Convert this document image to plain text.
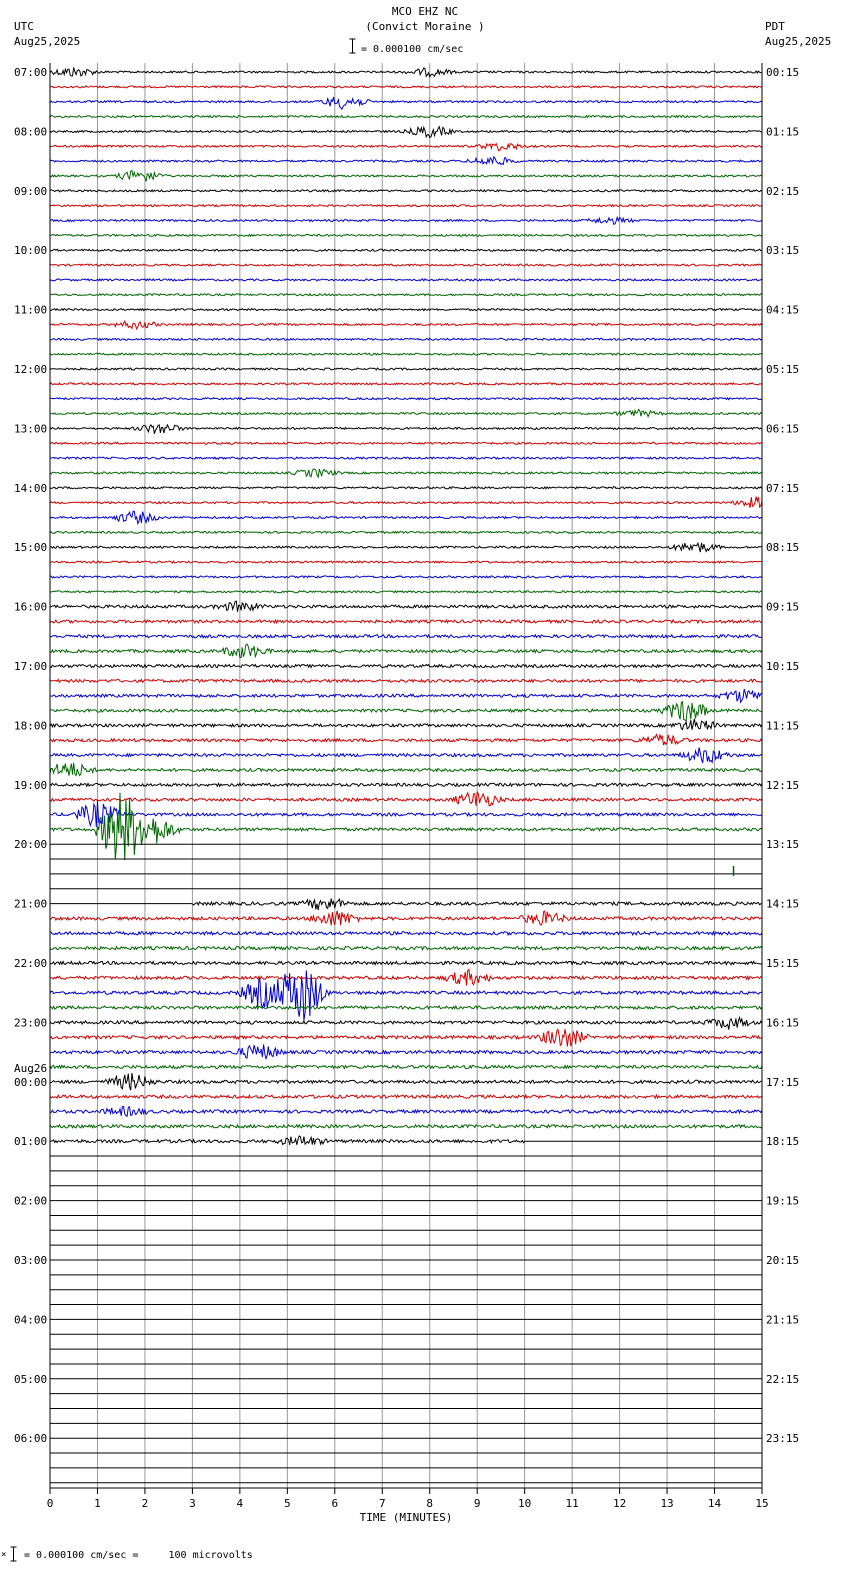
MCO EHZ NC
(Convict Moraine )
UTC
Aug25,2025
PDT
Aug25,2025
= 0.000100 cm/sec
0	1	2	3	4	5	6	7	8	9	10	11	12	13	14	15
TIME (MINUTES)
07:00
08:00
09:00
10:00
11:00
12:00
13:00
14:00
15:00
16:00
17:00
18:00
19:00
20:00
21:00
22:00
23:00
00:00
Aug26
01:00
02:00
03:00
04:00
05:00
06:00
00:15
01:15
02:15
03:15
04:15
05:15
06:15
07:15
08:15
09:15
10:15
11:15
12:15
13:15
14:15
15:15
16:15
17:15
18:15
19:15
20:15
21:15
22:15
23:15
× = 0.000100 cm/sec =     100 microvolts
